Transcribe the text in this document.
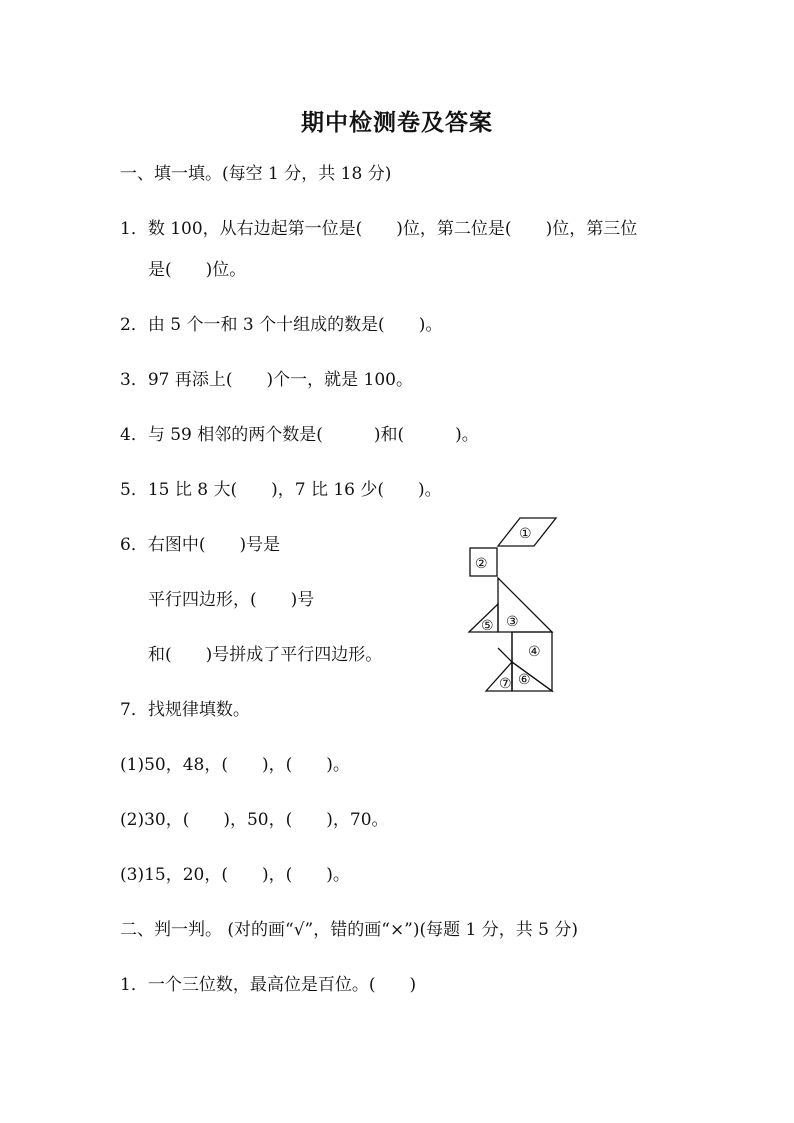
期中检测卷及答案
一、填一填。(每空 1 分，共 18 分)
1．数 100，从右边起第一位是(　　)位，第二位是(　　)位，第三位
是(　　)位。
2．由 5 个一和 3 个十组成的数是(　　)。
3．97 再添上(　　)个一，就是 100。
4．与 59 相邻的两个数是(　　　)和(　　　)。
5．15 比 8 大(　　)，7 比 16 少(　　)。
6．右图中(　　)号是
平行四边形，(　　)号
和(　　)号拼成了平行四边形。
①
②
③
⑤
④
⑥
⑦
7．找规律填数。
(1)50，48，(　　)，(　　)。
(2)30，(　　)，50，(　　)，70。
(3)15，20，(　　)，(　　)。
二、判一判。 (对的画“√”，错的画“×”)(每题 1 分，共 5 分)
1．一个三位数，最高位是百位。(　　)
